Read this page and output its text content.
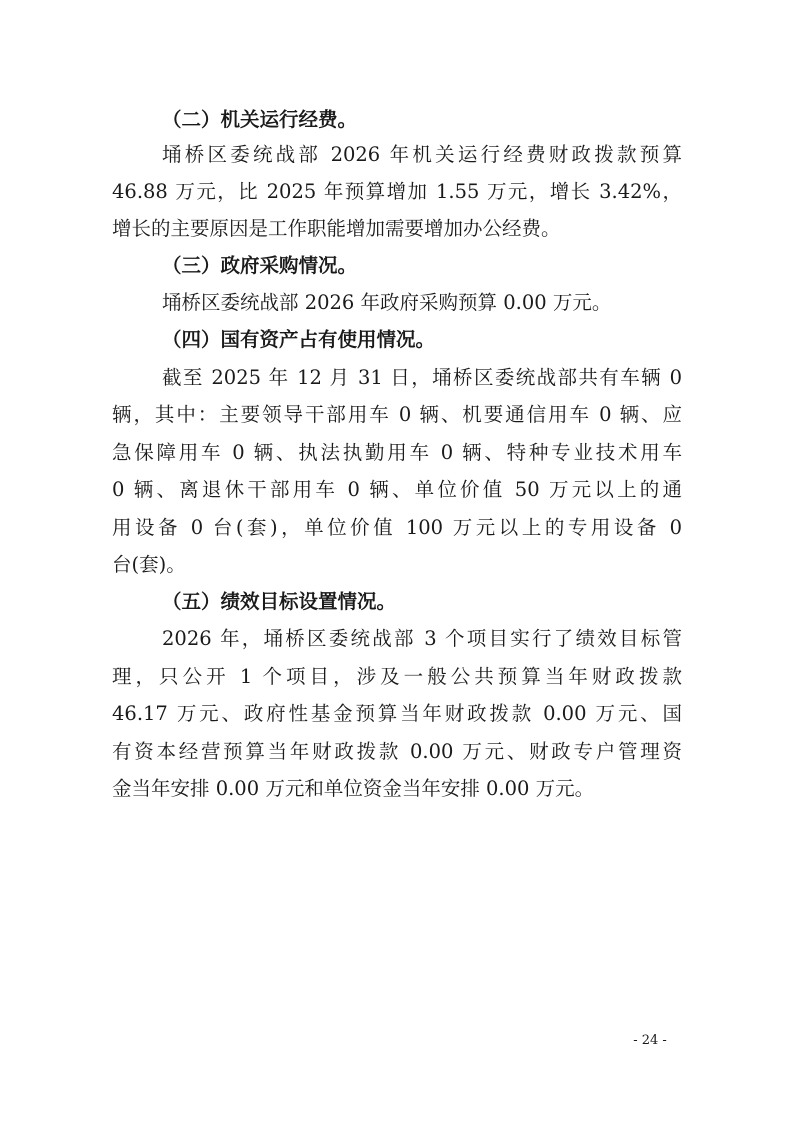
（二）机关运行经费。
埇桥区委统战部 2026 年机关运行经费财政拨款预算
46.88 万元，比 2025 年预算增加 1.55 万元，增长 3.42%，
增长的主要原因是工作职能增加需要增加办公经费。
（三）政府采购情况。
埇桥区委统战部 2026 年政府采购预算 0.00 万元。
（四）国有资产占有使用情况。
截至 2025 年 12 月 31 日，埇桥区委统战部共有车辆 0
辆，其中：主要领导干部用车 0 辆、机要通信用车 0 辆、应
急保障用车 0 辆、执法执勤用车 0 辆、特种专业技术用车
0 辆、离退休干部用车 0 辆、单位价值 50 万元以上的通
用设备 0 台(套)，单位价值 100 万元以上的专用设备 0
台(套)。
（五）绩效目标设置情况。
2026 年，埇桥区委统战部 3 个项目实行了绩效目标管
理，只公开 1 个项目，涉及一般公共预算当年财政拨款
46.17 万元、政府性基金预算当年财政拨款 0.00 万元、国
有资本经营预算当年财政拨款 0.00 万元、财政专户管理资
金当年安排 0.00 万元和单位资金当年安排 0.00 万元。
- 24 -
